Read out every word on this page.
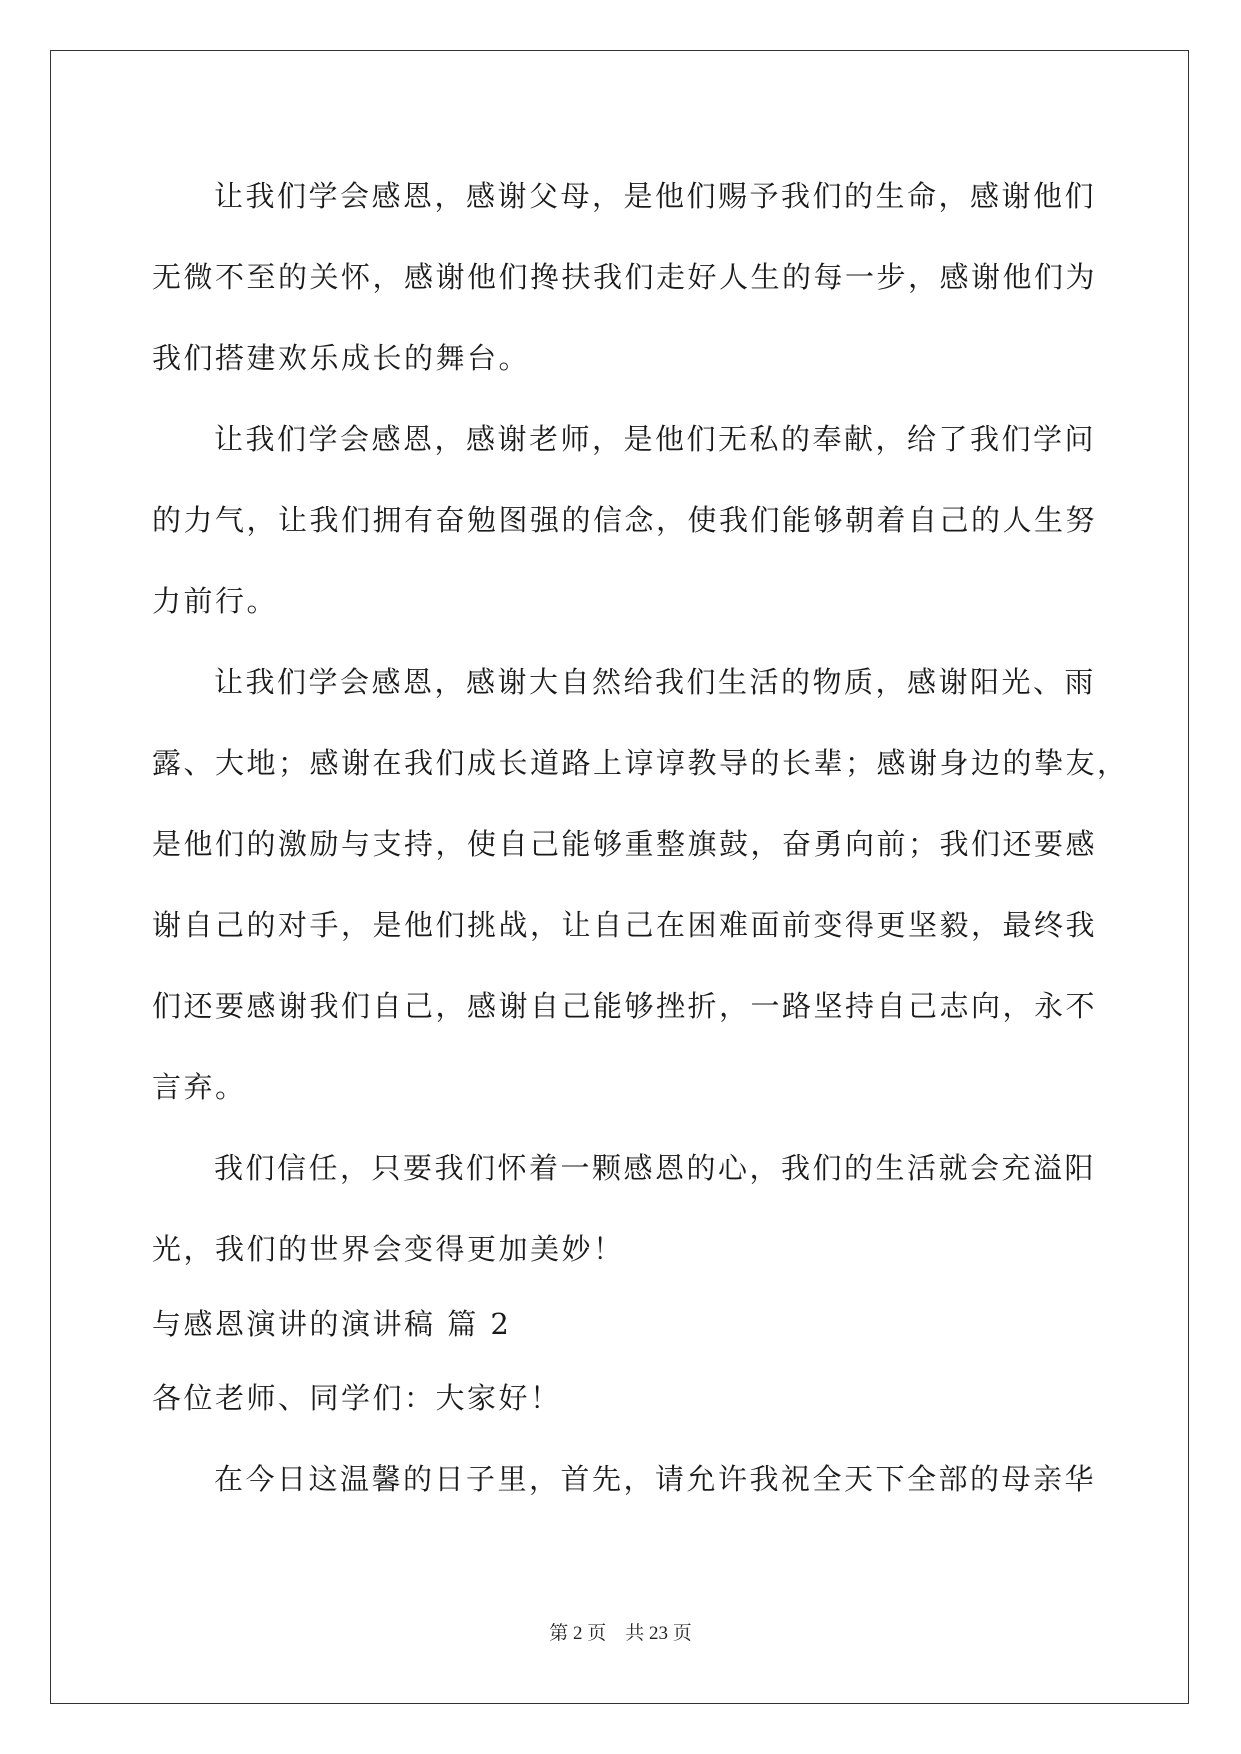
让我们学会感恩，感谢父母，是他们赐予我们的生命，感谢他们
无微不至的关怀，感谢他们搀扶我们走好人生的每一步，感谢他们为
我们搭建欢乐成长的舞台。
让我们学会感恩，感谢老师，是他们无私的奉献，给了我们学问
的力气，让我们拥有奋勉图强的信念，使我们能够朝着自己的人生努
力前行。
让我们学会感恩，感谢大自然给我们生活的物质，感谢阳光、雨
露、大地；感谢在我们成长道路上谆谆教导的长辈；感谢身边的挚友，
是他们的激励与支持，使自己能够重整旗鼓，奋勇向前；我们还要感
谢自己的对手，是他们挑战，让自己在困难面前变得更坚毅，最终我
们还要感谢我们自己，感谢自己能够挫折，一路坚持自己志向，永不
言弃。
我们信任，只要我们怀着一颗感恩的心，我们的生活就会充溢阳
光，我们的世界会变得更加美妙！
与感恩演讲的演讲稿 篇 2
各位老师、同学们：大家好！
在今日这温馨的日子里，首先，请允许我祝全天下全部的母亲华
第 2 页    共 23 页
